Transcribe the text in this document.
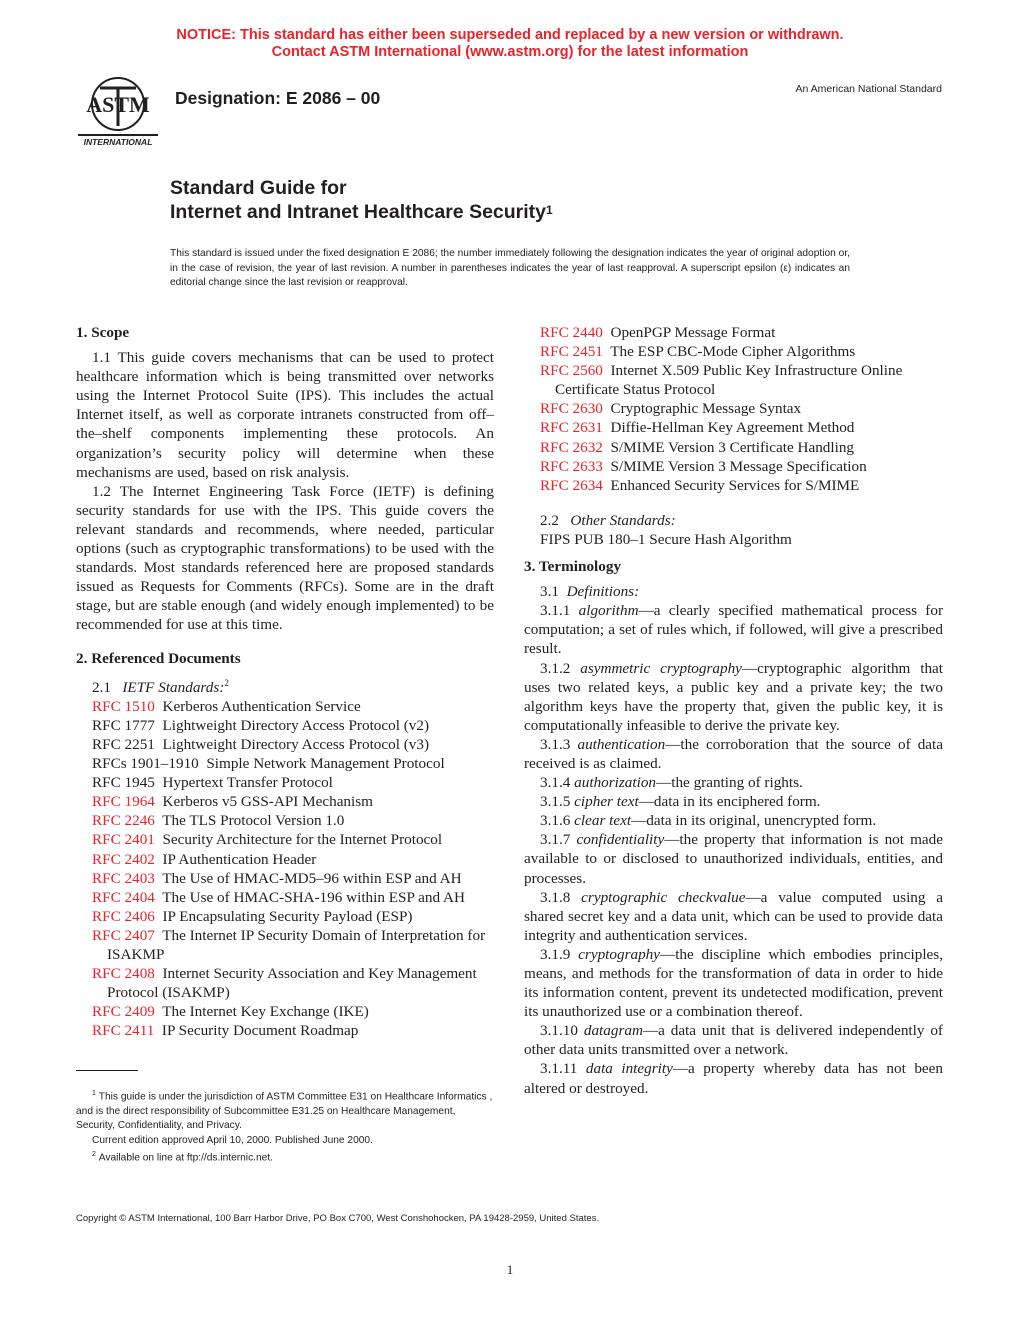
NOTICE: This standard has either been superseded and replaced by a new version or withdrawn.
Contact ASTM International (www.astm.org) for the latest information
ASTM
INTERNATIONAL
Designation: E 2086 – 00	An American National Standard
Standard Guide for
Internet and Intranet Healthcare Security$^1$
This standard is issued under the fixed designation E 2086; the number immediately following the designation indicates the year of original adoption or, in the case of revision, the year of last revision. A number in parentheses indicates the year of last reapproval. A superscript epsilon (ε) indicates an editorial change since the last revision or reapproval.

1. Scope

1.1 This guide covers mechanisms that can be used to protect healthcare information which is being transmitted over networks using the Internet Protocol Suite (IPS). This includes the actual Internet itself, as well as corporate intranets constructed from off–the–shelf components implementing these protocols. An organization’s security policy will determine when these mechanisms are used, based on risk analysis.

1.2 The Internet Engineering Task Force (IETF) is defining security standards for use with the IPS. This guide covers the relevant standards and recommends, where needed, particular options (such as cryptographic transformations) to be used with the standards. Most standards referenced here are proposed standards issued as Requests for Comments (RFCs). Some are in the draft stage, but are stable enough (and widely enough implemented) to be recommended for use at this time.

2. Referenced Documents

2.1 IETF Standards:$^2$

RFC 1510 Kerberos Authentication Service

RFC 1777 Lightweight Directory Access Protocol (v2)

RFC 2251 Lightweight Directory Access Protocol (v3)

RFCs 1901–1910 Simple Network Management Protocol

RFC 1945 Hypertext Transfer Protocol

RFC 1964 Kerberos v5 GSS-API Mechanism

RFC 2246 The TLS Protocol Version 1.0

RFC 2401 Security Architecture for the Internet Protocol

RFC 2402 IP Authentication Header

RFC 2403 The Use of HMAC-MD5–96 within ESP and AH

RFC 2404 The Use of HMAC-SHA-196 within ESP and AH

RFC 2406 IP Encapsulating Security Payload (ESP)

RFC 2407 The Internet IP Security Domain of Interpretation for ISAKMP

RFC 2408 Internet Security Association and Key Management Protocol (ISAKMP)

RFC 2409 The Internet Key Exchange (IKE)

RFC 2411 IP Security Document Roadmap

RFC 2440 OpenPGP Message Format

RFC 2451 The ESP CBC-Mode Cipher Algorithms

RFC 2560 Internet X.509 Public Key Infrastructure Online Certificate Status Protocol

RFC 2630 Cryptographic Message Syntax

RFC 2631 Diffie-Hellman Key Agreement Method

RFC 2632 S/MIME Version 3 Certificate Handling

RFC 2633 S/MIME Version 3 Message Specification

RFC 2634 Enhanced Security Services for S/MIME

2.2 Other Standards:

FIPS PUB 180–1 Secure Hash Algorithm

3. Terminology

3.1 Definitions:

3.1.1 algorithm—a clearly specified mathematical process for computation; a set of rules which, if followed, will give a prescribed result.

3.1.2 asymmetric cryptography—cryptographic algorithm that uses two related keys, a public key and a private key; the two algorithm keys have the property that, given the public key, it is computationally infeasible to derive the private key.

3.1.3 authentication—the corroboration that the source of data received is as claimed.

3.1.4 authorization—the granting of rights.

3.1.5 cipher text—data in its enciphered form.

3.1.6 clear text—data in its original, unencrypted form.

3.1.7 confidentiality—the property that information is not made available to or disclosed to unauthorized individuals, entities, and processes.

3.1.8 cryptographic checkvalue—a value computed using a shared secret key and a data unit, which can be used to provide data integrity and authentication services.

3.1.9 cryptography—the discipline which embodies principles, means, and methods for the transformation of data in order to hide its information content, prevent its undetected modification, prevent its unauthorized use or a combination thereof.

3.1.10 datagram—a data unit that is delivered independently of other data units transmitted over a network.

3.1.11 data integrity—a property whereby data has not been altered or destroyed.

$^1$ This guide is under the jurisdiction of ASTM Committee E31 on Healthcare Informatics , and is the direct responsibility of Subcommittee E31.25 on Healthcare Management, Security, Confidentiality, and Privacy.

Current edition approved April 10, 2000. Published June 2000.

$^2$ Available on line at ftp://ds.internic.net.

Copyright © ASTM International, 100 Barr Harbor Drive, PO Box C700, West Conshohocken, PA 19428-2959, United States.
1
